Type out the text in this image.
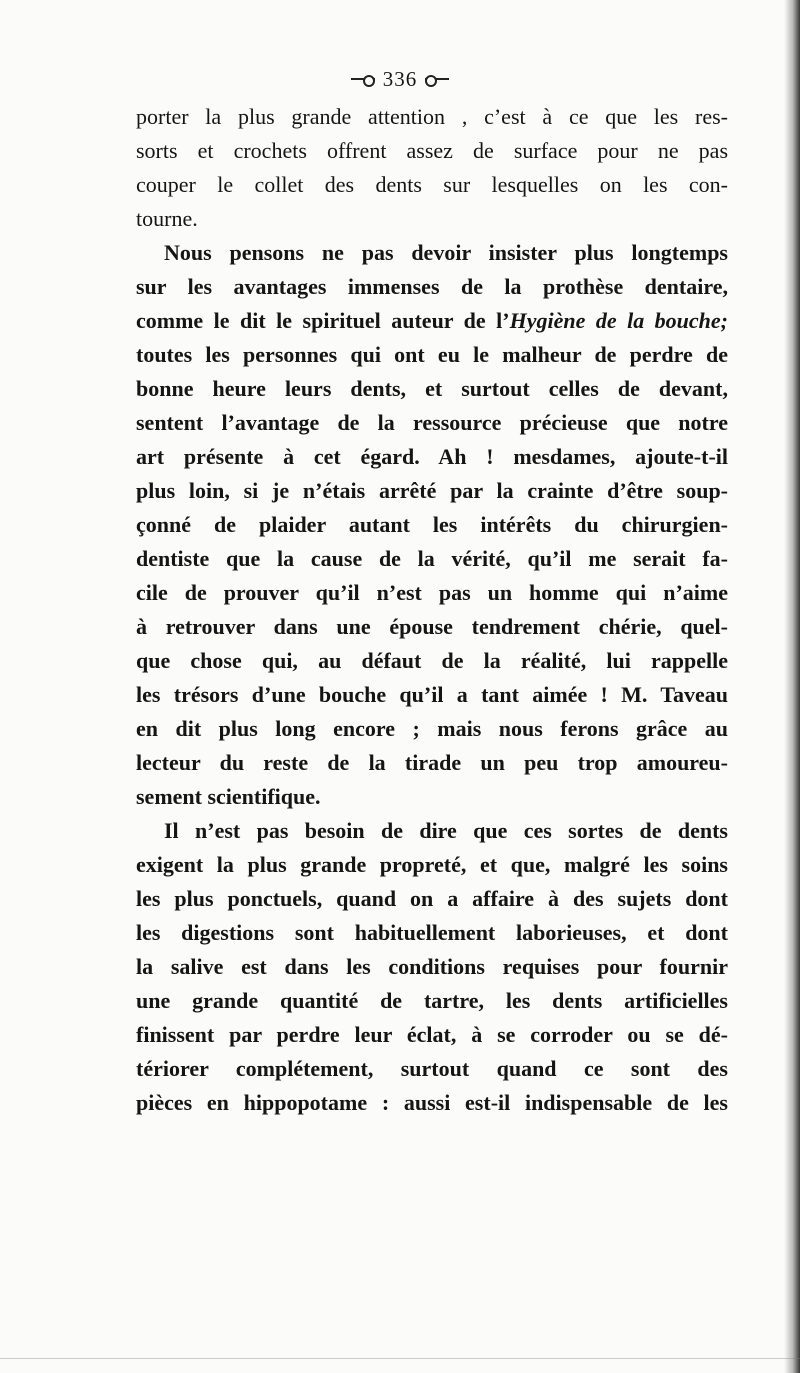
336
porter la plus grande attention , c’est à ce que les res-
sorts et crochets offrent assez de surface pour ne pas
couper le collet des dents sur lesquelles on les con-
tourne.
Nous pensons ne pas devoir insister plus longtemps
sur les avantages immenses de la prothèse dentaire,
comme le dit le spirituel auteur de l’Hygiène de la bouche;
toutes les personnes qui ont eu le malheur de perdre de
bonne heure leurs dents, et surtout celles de devant,
sentent l’avantage de la ressource précieuse que notre
art présente à cet égard. Ah ! mesdames, ajoute-t-il
plus loin, si je n’étais arrêté par la crainte d’être soup-
çonné de plaider autant les intérêts du chirurgien-
dentiste que la cause de la vérité, qu’il me serait fa-
cile de prouver qu’il n’est pas un homme qui n’aime
à retrouver dans une épouse tendrement chérie, quel-
que chose qui, au défaut de la réalité, lui rappelle
les trésors d’une bouche qu’il a tant aimée ! M. Taveau
en dit plus long encore ; mais nous ferons grâce au
lecteur du reste de la tirade un peu trop amoureu-
sement scientifique.
Il n’est pas besoin de dire que ces sortes de dents
exigent la plus grande propreté, et que, malgré les soins
les plus ponctuels, quand on a affaire à des sujets dont
les digestions sont habituellement laborieuses, et dont
la salive est dans les conditions requises pour fournir
une grande quantité de tartre, les dents artificielles
finissent par perdre leur éclat, à se corroder ou se dé-
tériorer complétement, surtout quand ce sont des
pièces en hippopotame : aussi est-il indispensable de les
